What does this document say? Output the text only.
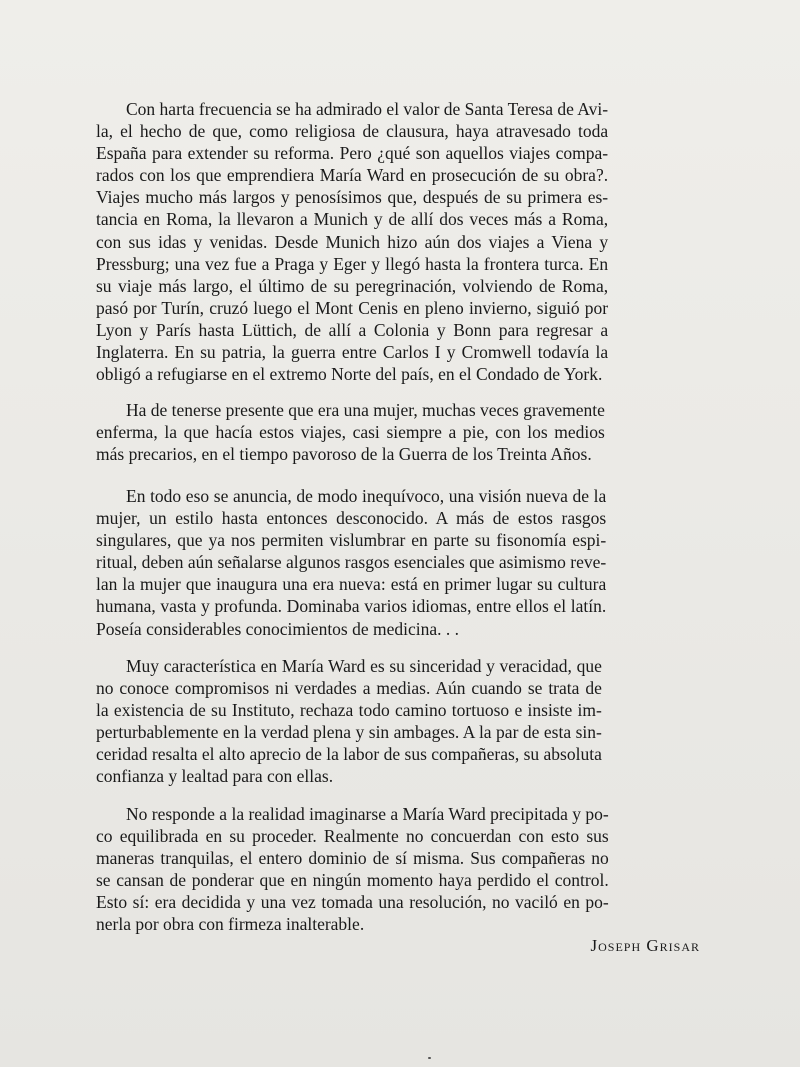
Con harta frecuencia se ha admirado el valor de Santa Teresa de Avi-
la, el hecho de que, como religiosa de clausura, haya atravesado toda
España para extender su reforma. Pero ¿qué son aquellos viajes compa-
rados con los que emprendiera María Ward en prosecución de su obra?.
Viajes mucho más largos y penosísimos que, después de su primera es-
tancia en Roma, la llevaron a Munich y de allí dos veces más a Roma,
con sus idas y venidas. Desde Munich hizo aún dos viajes a Viena y
Pressburg; una vez fue a Praga y Eger y llegó hasta la frontera turca. En
su viaje más largo, el último de su peregrinación, volviendo de Roma,
pasó por Turín, cruzó luego el Mont Cenis en pleno invierno, siguió por
Lyon y París hasta Lüttich, de allí a Colonia y Bonn para regresar a
Inglaterra. En su patria, la guerra entre Carlos I y Cromwell todavía la
obligó a refugiarse en el extremo Norte del país, en el Condado de York.
Ha de tenerse presente que era una mujer, muchas veces gravemente
enferma, la que hacía estos viajes, casi siempre a pie, con los medios
más precarios, en el tiempo pavoroso de la Guerra de los Treinta Años.
En todo eso se anuncia, de modo inequívoco, una visión nueva de la
mujer, un estilo hasta entonces desconocido. A más de estos rasgos
singulares, que ya nos permiten vislumbrar en parte su fisonomía espi-
ritual, deben aún señalarse algunos rasgos esenciales que asimismo reve-
lan la mujer que inaugura una era nueva: está en primer lugar su cultura
humana, vasta y profunda. Dominaba varios idiomas, entre ellos el latín.
Poseía considerables conocimientos de medicina. . .
Muy característica en María Ward es su sinceridad y veracidad, que
no conoce compromisos ni verdades a medias. Aún cuando se trata de
la existencia de su Instituto, rechaza todo camino tortuoso e insiste im-
perturbablemente en la verdad plena y sin ambages. A la par de esta sin-
ceridad resalta el alto aprecio de la labor de sus compañeras, su absoluta
confianza y lealtad para con ellas.
No responde a la realidad imaginarse a María Ward precipitada y po-
co equilibrada en su proceder. Realmente no concuerdan con esto sus
maneras tranquilas, el entero dominio de sí misma. Sus compañeras no
se cansan de ponderar que en ningún momento haya perdido el control.
Esto sí: era decidida y una vez tomada una resolución, no vaciló en po-
nerla por obra con firmeza inalterable.
Joseph Grisar
